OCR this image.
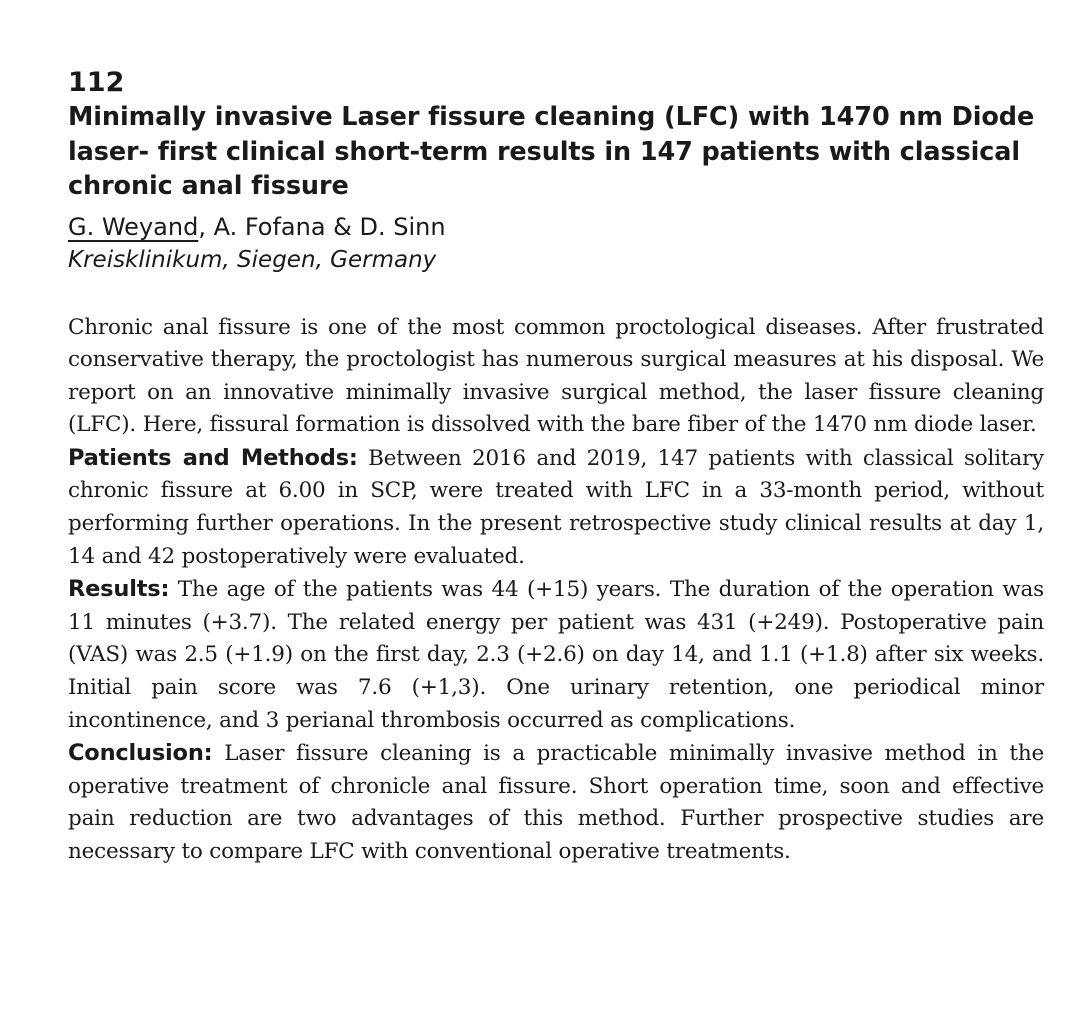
112
Minimally invasive Laser fissure cleaning (LFC) with 1470 nm Diode laser- first clinical short-term results in 147 patients with classical chronic anal fissure
G. Weyand, A. Fofana & D. Sinn
Kreisklinikum, Siegen, Germany

Chronic anal fissure is one of the most common proctological diseases. After frustrated conservative therapy, the proctologist has numerous surgical measures at his disposal. We report on an innovative minimally invasive surgical method, the laser fissure cleaning (LFC). Here, fissural formation is dissolved with the bare fiber of the 1470 nm diode laser.

Patients and Methods: Between 2016 and 2019, 147 patients with classical solitary chronic fissure at 6.00 in SCP, were treated with LFC in a 33-month period, without performing further operations. In the present retrospective study clinical results at day 1, 14 and 42 postoperatively were evaluated.

Results: The age of the patients was 44 (+15) years. The duration of the operation was 11 minutes (+3.7). The related energy per patient was 431 (+249). Postoperative pain (VAS) was 2.5 (+1.9) on the first day, 2.3 (+2.6) on day 14, and 1.1 (+1.8) after six weeks. Initial pain score was 7.6 (+1,3). One urinary retention, one periodical minor incontinence, and 3 perianal thrombosis occurred as complications.

Conclusion: Laser fissure cleaning is a practicable minimally invasive method in the operative treatment of chronicle anal fissure. Short operation time, soon and effective pain reduction are two advantages of this method. Further prospective studies are necessary to compare LFC with conventional operative treatments.
